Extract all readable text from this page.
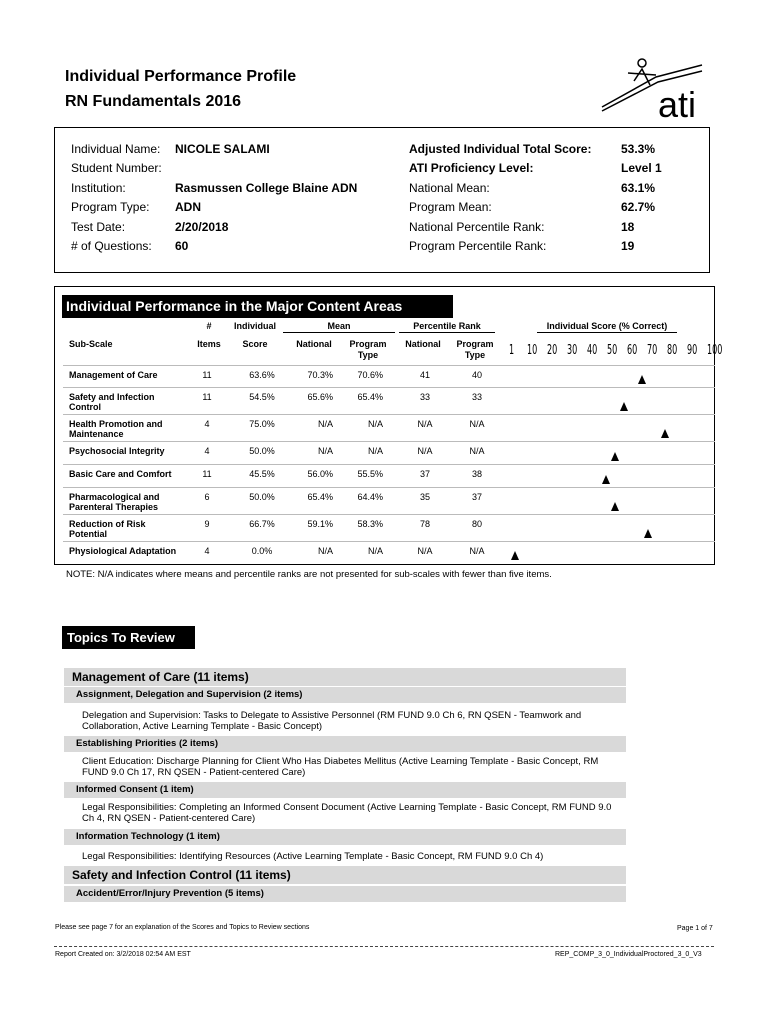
Individual Performance Profile
RN Fundamentals 2016	ati
Individual Name: NICOLE SALAMI	Adjusted Individual Total Score: 53.3%
Student Number:	ATI Proficiency Level:	Level 1
Institution:	Rasmussen College Blaine ADN	National Mean:	63.1%
Program Type: ADN	Program Mean:	62.7%
Test Date:	2/20/2018	National Percentile Rank:	18
# of Questions: 60	Program Percentile Rank:	19
Individual Performance in the Major Content Areas
#	Individual	Mean	Percentile Rank	Individual Score (% Correct)
Sub-Scale	Items	Score	National	Program Type
National	Program Type	1 10 20 30 40 50 60 70 80 90 100
Management of Care	11	63.6%	70.3%	70.6%	41	40
Safety and Infection Control
11	54.5%	65.6%	65.4%	33	33
Health Promotion and Maintenance
4	75.0%	N/A	N/A	N/A	N/A
Psychosocial Integrity	4	50.0%	N/A	N/A	N/A	N/A
Basic Care and Comfort	11	45.5%	56.0%	55.5%	37	38
Pharmacological and Parenteral Therapies
6	50.0%	65.4%	64.4%	35	37
Reduction of Risk Potential
9	66.7%	59.1%	58.3%	78	80
Physiological Adaptation	4	0.0%	N/A	N/A	N/A	N/A
NOTE: N/A indicates where means and percentile ranks are not presented for sub-scales with fewer than five items.
Topics To Review
Management of Care (11 items)
Assignment, Delegation and Supervision (2 items)
Delegation and Supervision: Tasks to Delegate to Assistive Personnel (RM FUND 9.0 Ch 6, RN QSEN - Teamwork and Collaboration, Active Learning Template - Basic Concept)
Establishing Priorities (2 items)
Client Education: Discharge Planning for Client Who Has Diabetes Mellitus (Active Learning Template - Basic Concept, RM FUND 9.0 Ch 17, RN QSEN - Patient-centered Care)
Informed Consent (1 item)
Legal Responsibilities: Completing an Informed Consent Document (Active Learning Template - Basic Concept, RM FUND 9.0 Ch 4, RN QSEN - Patient-centered Care)
Information Technology (1 item)
Legal Responsibilities: Identifying Resources (Active Learning Template - Basic Concept, RM FUND 9.0 Ch 4)
Safety and Infection Control (11 items)
Accident/Error/Injury Prevention (5 items)
Please see page 7 for an explanation of the Scores and Topics to Review sections	Page 1 of 7
Report Created on: 3/2/2018 02:54 AM EST	REP_COMP_3_0_IndividualProctored_3_0_V3
